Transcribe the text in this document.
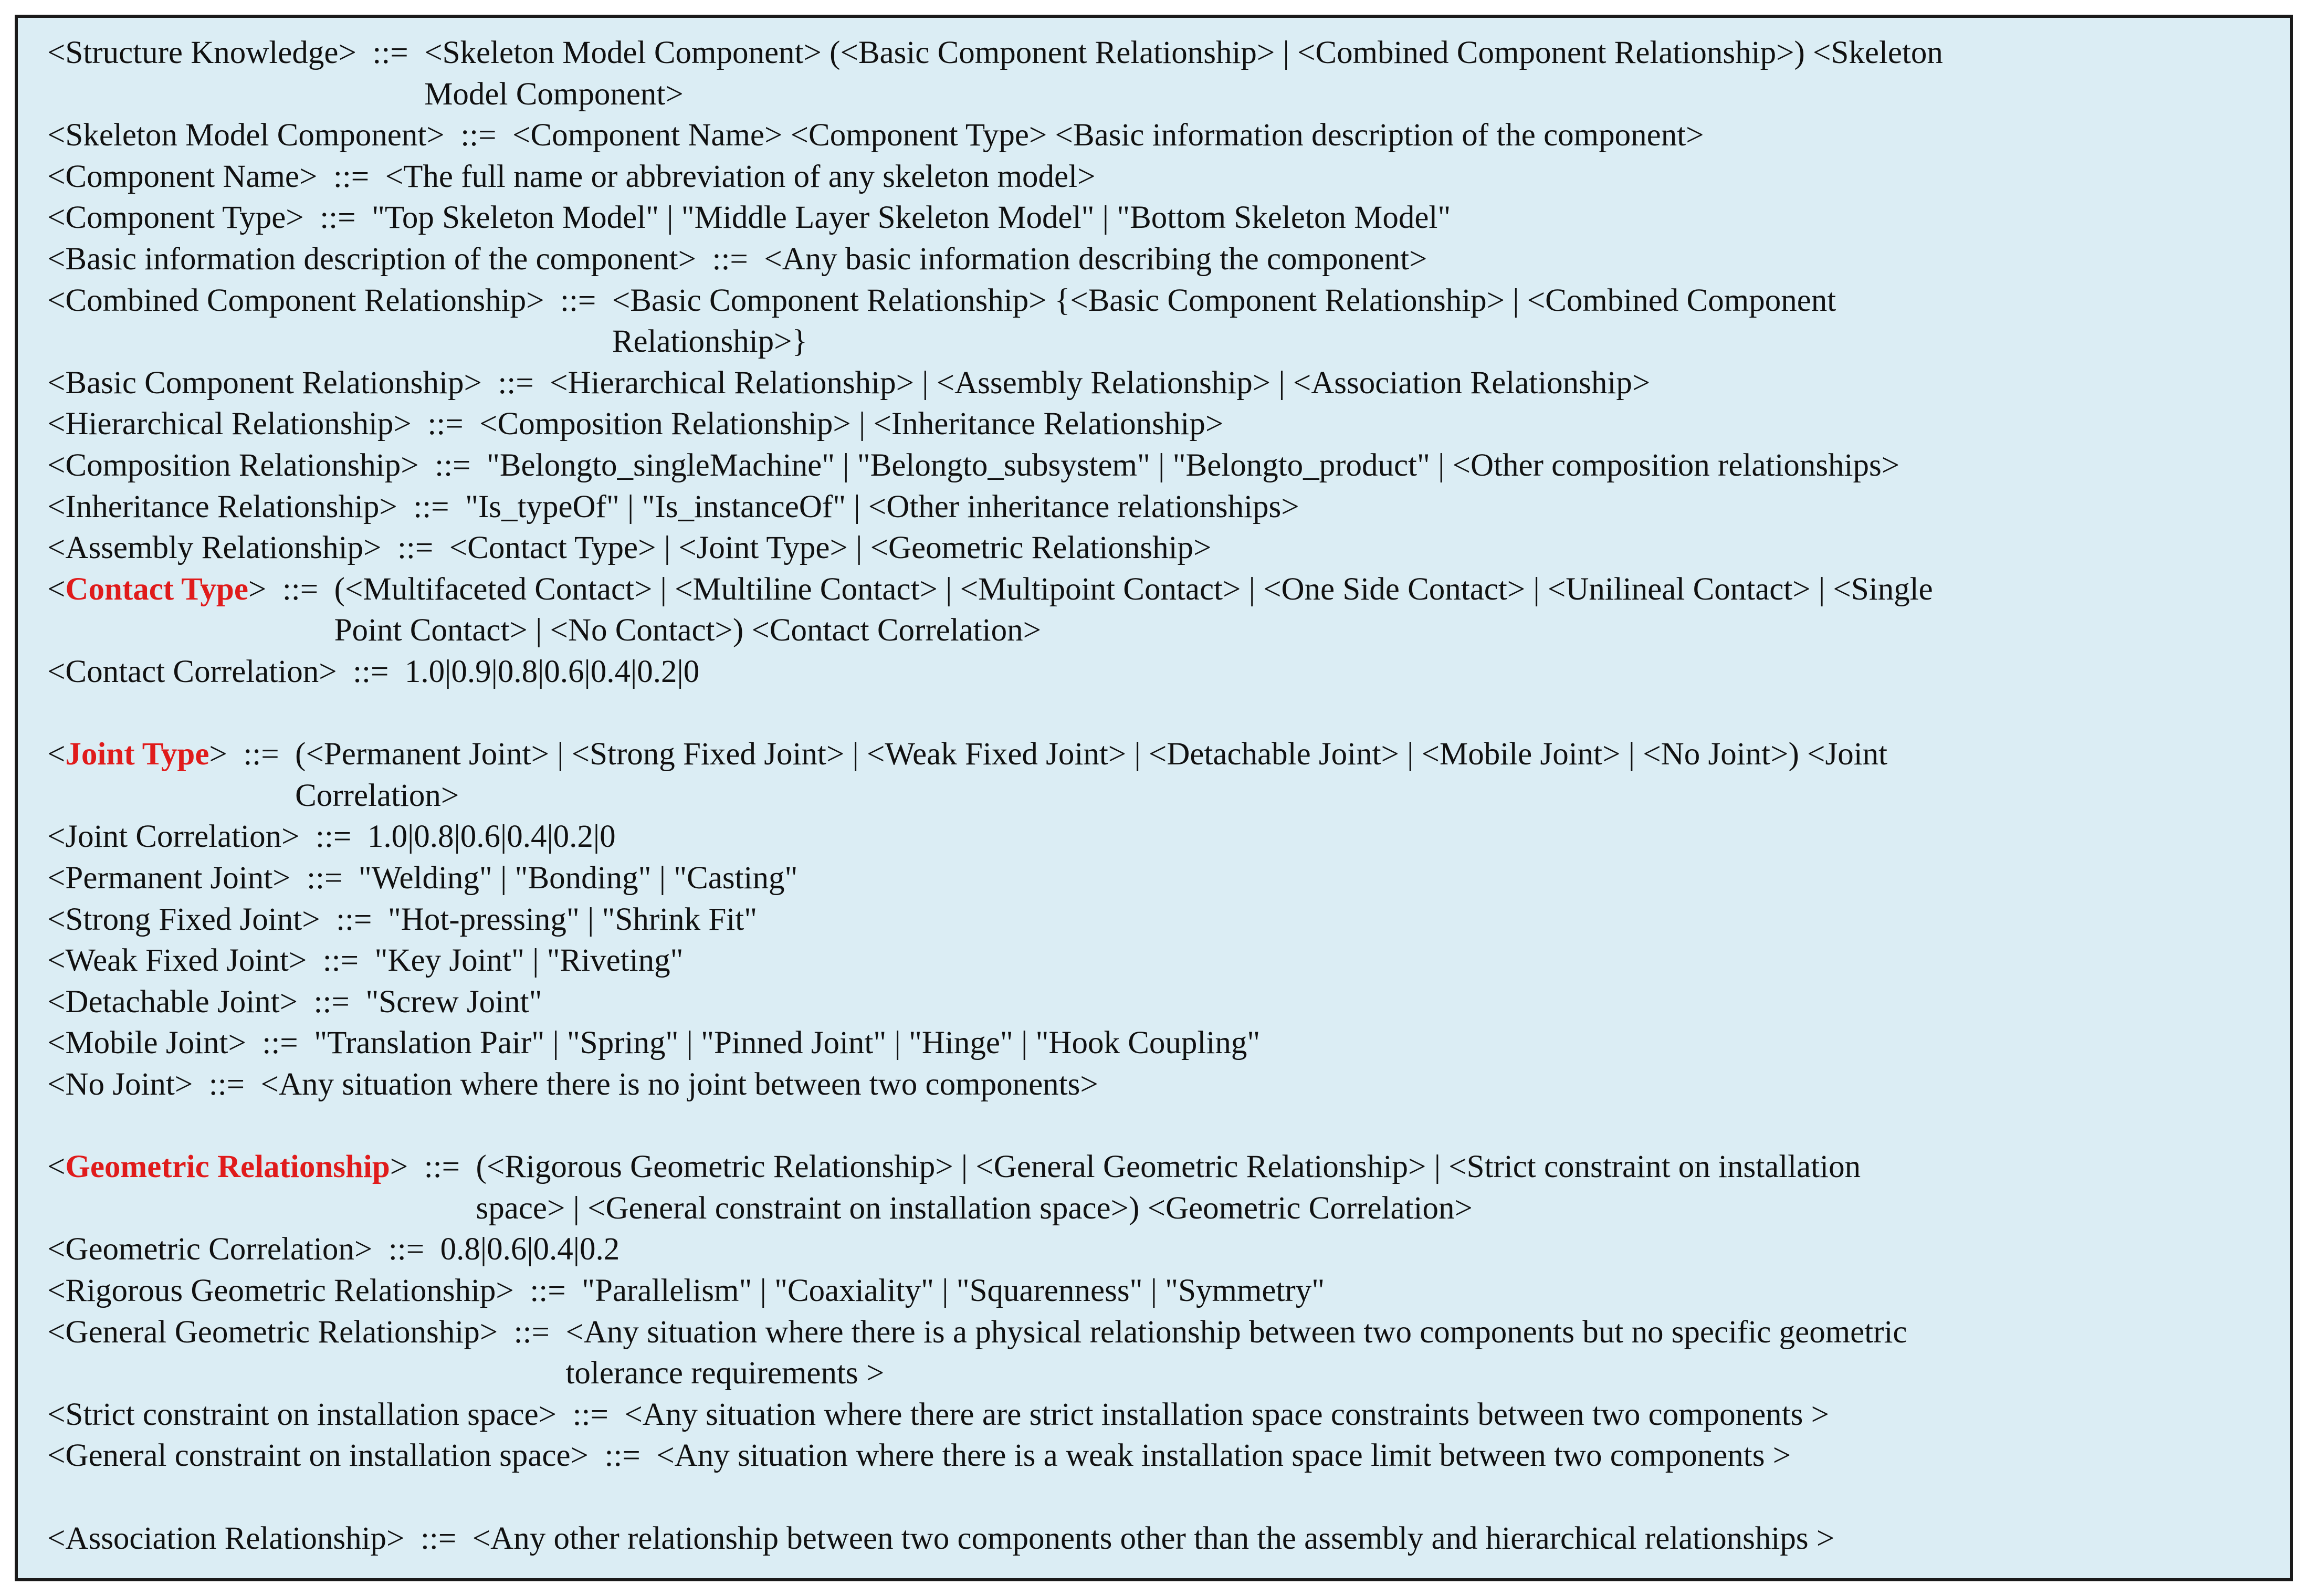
<Structure Knowledge> ::= <Skeleton Model Component> (<Basic Component Relationship> | <Combined Component Relationship>) <Skeleton
Model Component>
<Skeleton Model Component> ::= <Component Name> <Component Type> <Basic information description of the component>
<Component Name> ::= <The full name or abbreviation of any skeleton model>
<Component Type> ::= "Top Skeleton Model" | "Middle Layer Skeleton Model" | "Bottom Skeleton Model"
<Basic information description of the component> ::= <Any basic information describing the component>
<Combined Component Relationship> ::= <Basic Component Relationship> {<Basic Component Relationship> | <Combined Component
Relationship>}
<Basic Component Relationship> ::= <Hierarchical Relationship> | <Assembly Relationship> | <Association Relationship>
<Hierarchical Relationship> ::= <Composition Relationship> | <Inheritance Relationship>
<Composition Relationship> ::= "Belongto_singleMachine" | "Belongto_subsystem" | "Belongto_product" | <Other composition relationships>
<Inheritance Relationship> ::= "Is_typeOf" | "Is_instanceOf" | <Other inheritance relationships>
<Assembly Relationship> ::= <Contact Type> | <Joint Type> | <Geometric Relationship>
<Contact Type> ::= (<Multifaceted Contact> | <Multiline Contact> | <Multipoint Contact> | <One Side Contact> | <Unilineal Contact> | <Single
Point Contact> | <No Contact>) <Contact Correlation>
<Contact Correlation> ::= 1.0|0.9|0.8|0.6|0.4|0.2|0
<Joint Type> ::= (<Permanent Joint> | <Strong Fixed Joint> | <Weak Fixed Joint> | <Detachable Joint> | <Mobile Joint> | <No Joint>) <Joint
Correlation>
<Joint Correlation> ::= 1.0|0.8|0.6|0.4|0.2|0
<Permanent Joint> ::= "Welding" | "Bonding" | "Casting"
<Strong Fixed Joint> ::= "Hot-pressing" | "Shrink Fit"
<Weak Fixed Joint> ::= "Key Joint" | "Riveting"
<Detachable Joint> ::= "Screw Joint"
<Mobile Joint> ::= "Translation Pair" | "Spring" | "Pinned Joint" | "Hinge" | "Hook Coupling"
<No Joint> ::= <Any situation where there is no joint between two components>
<Geometric Relationship> ::= (<Rigorous Geometric Relationship> | <General Geometric Relationship> | <Strict constraint on installation
space> | <General constraint on installation space>) <Geometric Correlation>
<Geometric Correlation> ::= 0.8|0.6|0.4|0.2
<Rigorous Geometric Relationship> ::= "Parallelism" | "Coaxiality" | "Squarenness" | "Symmetry"
<General Geometric Relationship> ::= <Any situation where there is a physical relationship between two components but no specific geometric
tolerance requirements >
<Strict constraint on installation space> ::= <Any situation where there are strict installation space constraints between two components >
<General constraint on installation space> ::= <Any situation where there is a weak installation space limit between two components >
<Association Relationship> ::= <Any other relationship between two components other than the assembly and hierarchical relationships >
